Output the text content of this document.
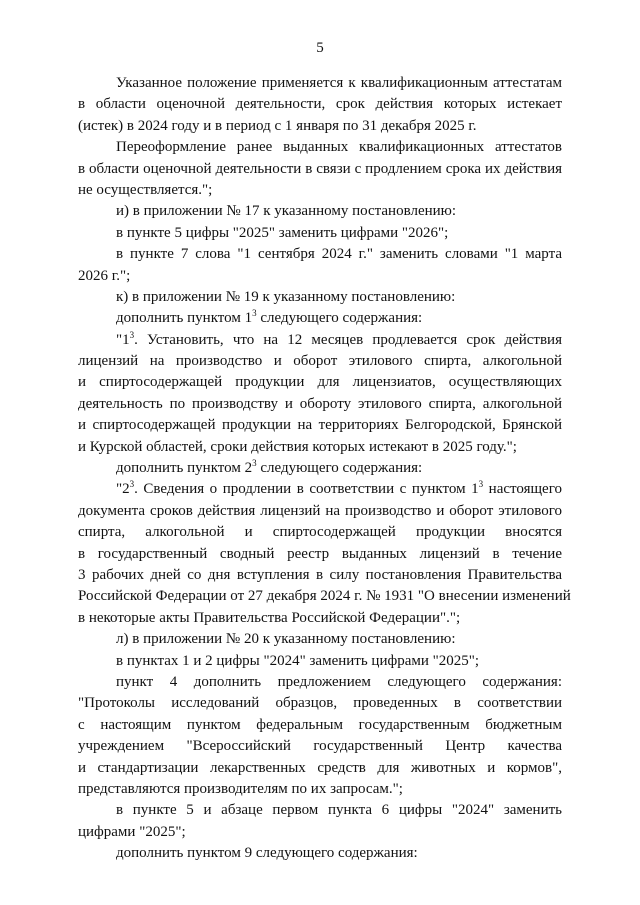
5
Указанное положение применяется к квалификационным аттестатам
в области оценочной деятельности, срок действия которых истекает
(истек) в 2024 году и в период с 1 января по 31 декабря 2025 г.
Переоформление ранее выданных квалификационных аттестатов
в области оценочной деятельности в связи с продлением срока их действия
не осуществляется.";
и) в приложении № 17 к указанному постановлению:
в пункте 5 цифры "2025" заменить цифрами "2026";
в пункте 7 слова "1 сентября 2024 г." заменить словами "1 марта
2026 г.";
к) в приложении № 19 к указанному постановлению:
дополнить пунктом $1^3$ следующего содержания:
"$1^3$. Установить, что на 12 месяцев продлевается срок действия
лицензий на производство и оборот этилового спирта, алкогольной
и спиртосодержащей продукции для лицензиатов, осуществляющих
деятельность по производству и обороту этилового спирта, алкогольной
и спиртосодержащей продукции на территориях Белгородской, Брянской
и Курской областей, сроки действия которых истекают в 2025 году.";
дополнить пунктом $2^3$ следующего содержания:
"$2^3$. Сведения о продлении в соответствии с пунктом $1^3$ настоящего
документа сроков действия лицензий на производство и оборот этилового
спирта, алкогольной и спиртосодержащей продукции вносятся
в государственный сводный реестр выданных лицензий в течение
3 рабочих дней со дня вступления в силу постановления Правительства
Российской Федерации от 27 декабря 2024 г. № 1931 "О внесении изменений
в некоторые акты Правительства Российской Федерации".";
л) в приложении № 20 к указанному постановлению:
в пунктах 1 и 2 цифры "2024" заменить цифрами "2025";
пункт 4 дополнить предложением следующего содержания:
"Протоколы исследований образцов, проведенных в соответствии
с настоящим пунктом федеральным государственным бюджетным
учреждением "Всероссийский государственный Центр качества
и стандартизации лекарственных средств для животных и кормов",
представляются производителям по их запросам.";
в пункте 5 и абзаце первом пункта 6 цифры "2024" заменить
цифрами "2025";
дополнить пунктом 9 следующего содержания:
